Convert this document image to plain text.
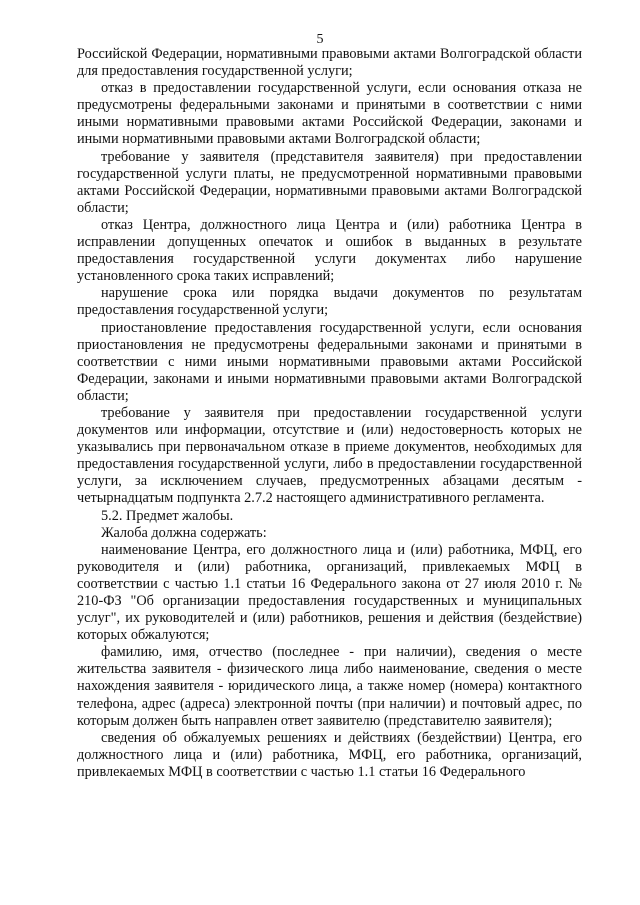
5

Российской Федерации, нормативными правовыми актами Волгоградской области для предоставления государственной услуги;

отказ в предоставлении государственной услуги, если основания отказа не предусмотрены федеральными законами и принятыми в соответствии с ними иными нормативными правовыми актами Российской Федерации, законами и иными нормативными правовыми актами Волгоградской области;

требование у заявителя (представителя заявителя) при предоставлении государственной услуги платы, не предусмотренной нормативными правовыми актами Российской Федерации, нормативными правовыми актами Волгоградской области;

отказ Центра, должностного лица Центра и (или) работника Центра в исправлении допущенных опечаток и ошибок в выданных в результате предоставления государственной услуги документах либо нарушение установленного срока таких исправлений;

нарушение срока или порядка выдачи документов по результатам предоставления государственной услуги;

приостановление предоставления государственной услуги, если основания приостановления не предусмотрены федеральными законами и принятыми в соответствии с ними иными нормативными правовыми актами Российской Федерации, законами и иными нормативными правовыми актами Волгоградской области;

требование у заявителя при предоставлении государственной услуги документов или информации, отсутствие и (или) недостоверность которых не указывались при первоначальном отказе в приеме документов, необходимых для предоставления государственной услуги, либо в предоставлении государственной услуги, за исключением случаев, предусмотренных абзацами десятым - четырнадцатым подпункта 2.7.2 настоящего административного регламента.

5.2. Предмет жалобы.

Жалоба должна содержать:

наименование Центра, его должностного лица и (или) работника, МФЦ, его руководителя и (или) работника, организаций, привлекаемых МФЦ в соответствии с частью 1.1 статьи 16 Федерального закона от 27 июля 2010 г. № 210-ФЗ "Об организации предоставления государственных и муниципальных услуг", их руководителей и (или) работников, решения и действия (бездействие) которых обжалуются;

фамилию, имя, отчество (последнее - при наличии), сведения о месте жительства заявителя - физического лица либо наименование, сведения о месте нахождения заявителя - юридического лица, а также номер (номера) контактного телефона, адрес (адреса) электронной почты (при наличии) и почтовый адрес, по которым должен быть направлен ответ заявителю (представителю заявителя);

сведения об обжалуемых решениях и действиях (бездействии) Центра, его должностного лица и (или) работника, МФЦ, его работника, организаций, привлекаемых МФЦ в соответствии с частью 1.1 статьи 16 Федерального
